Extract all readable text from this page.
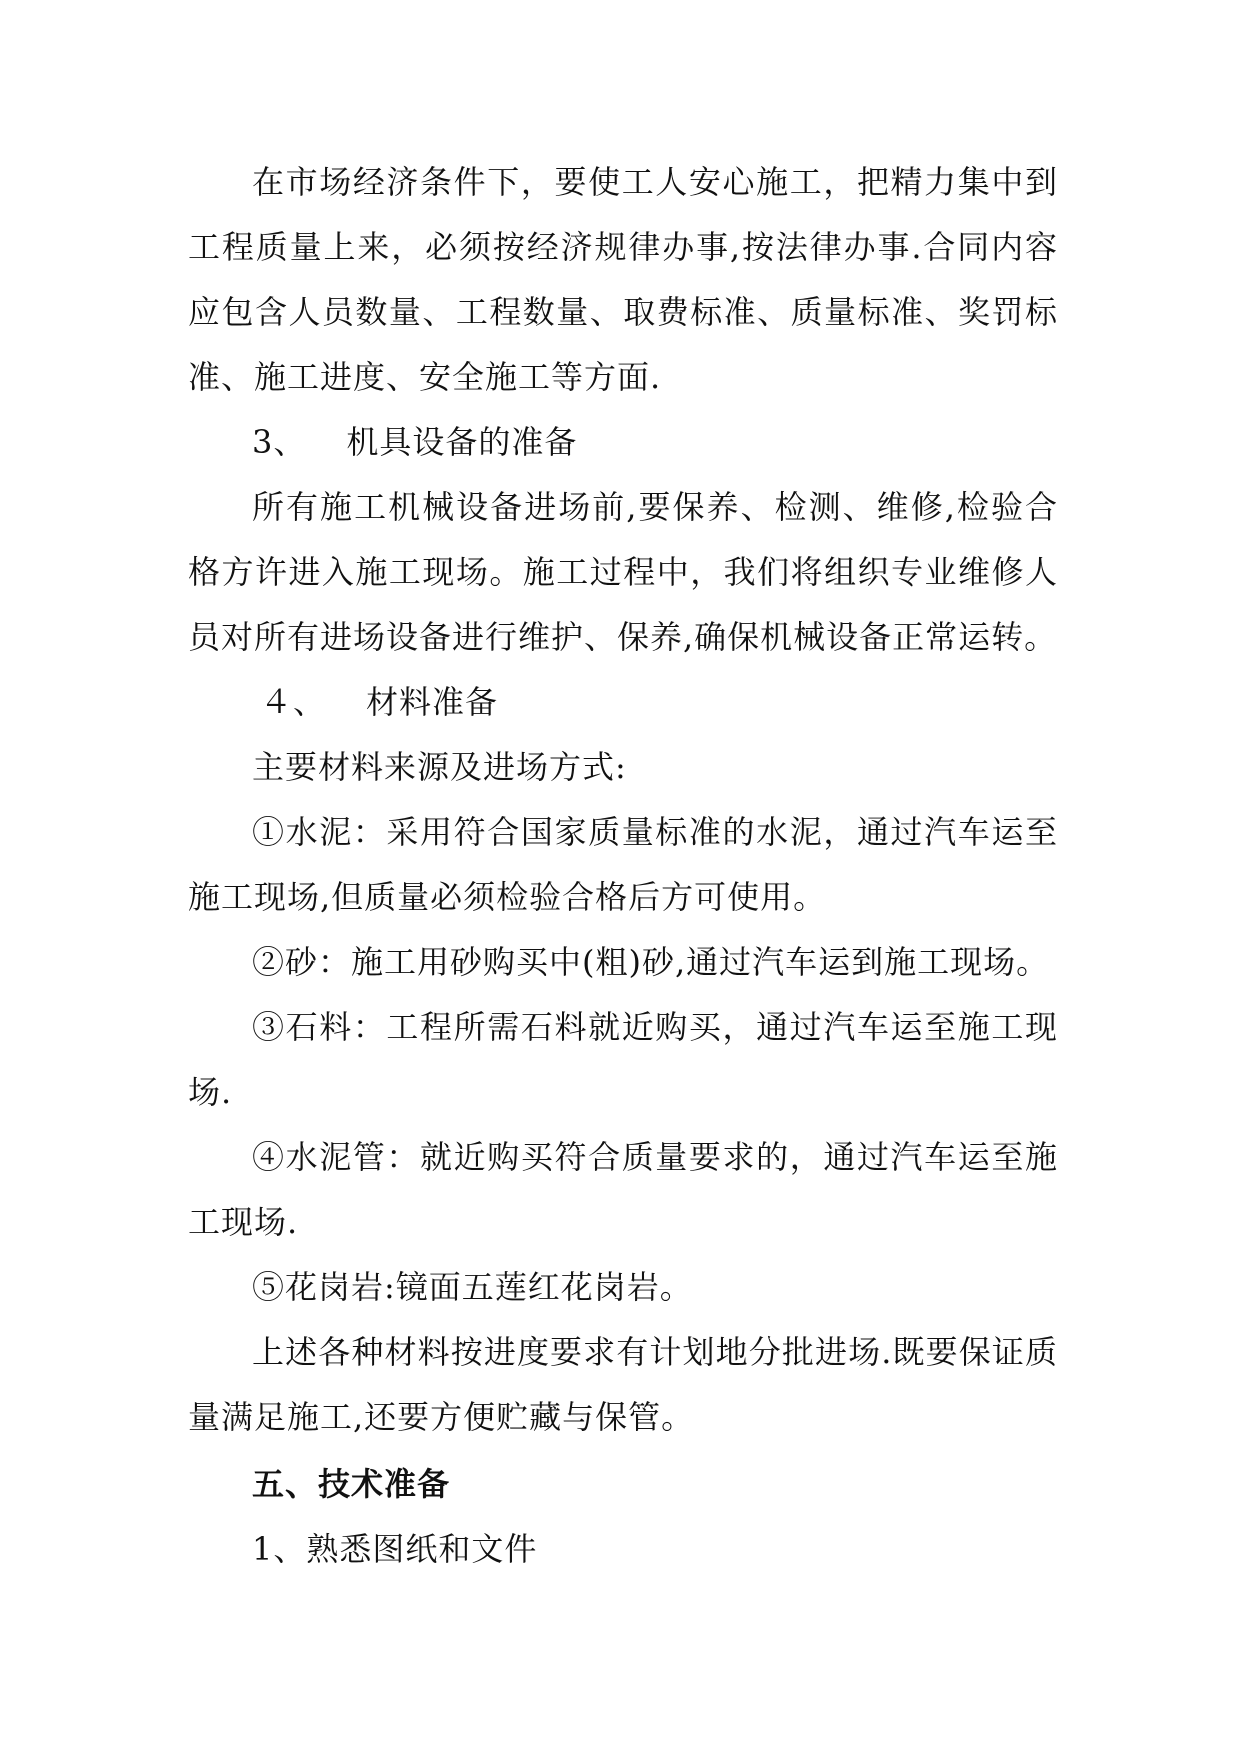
在市场经济条件下，要使工人安心施工，把精力集中到工程质量上来，必须按经济规律办事,按法律办事.合同内容应包含人员数量、工程数量、取费标准、质量标准、奖罚标准、施工进度、安全施工等方面.

3、 机具设备的准备

所有施工机械设备进场前,要保养、检测、维修,检验合格方许进入施工现场。施工过程中，我们将组织专业维修人员对所有进场设备进行维护、保养,确保机械设备正常运转。

４、 材料准备

主要材料来源及进场方式:

①水泥：采用符合国家质量标准的水泥，通过汽车运至施工现场,但质量必须检验合格后方可使用。

②砂：施工用砂购买中(粗)砂,通过汽车运到施工现场。

③石料：工程所需石料就近购买，通过汽车运至施工现场.

④水泥管：就近购买符合质量要求的，通过汽车运至施工现场.

⑤花岗岩:镜面五莲红花岗岩。

上述各种材料按进度要求有计划地分批进场.既要保证质量满足施工,还要方便贮藏与保管。

五、技术准备

1、熟悉图纸和文件
